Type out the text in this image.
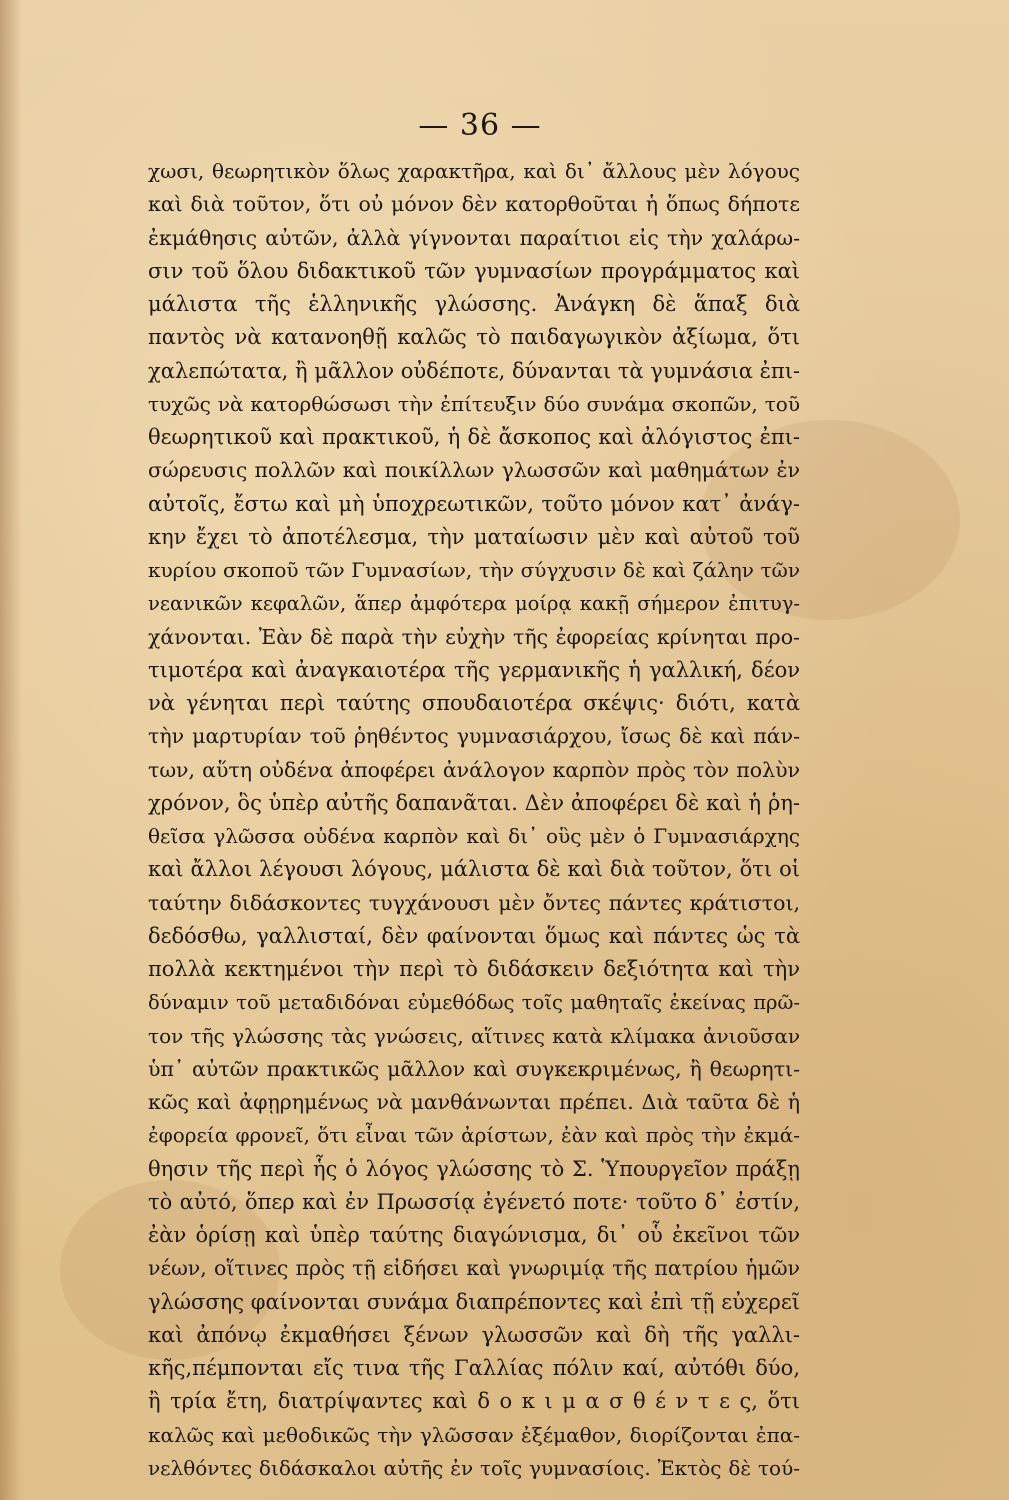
— 36 —
χωσι, θεωρητικὸν ὅλως χαρακτῆρα, καὶ δι᾽ ἄλλους μὲν λόγους
καὶ διὰ τοῦτον, ὅτι οὐ μόνον δὲν κατορθοῦται ἡ ὅπως δήποτε
ἐκμάθησις αὐτῶν, ἀλλὰ γίγνονται παραίτιοι εἰς τὴν χαλάρω-
σιν τοῦ ὅλου διδακτικοῦ τῶν γυμνασίων προγράμματος καὶ
μάλιστα τῆς ἑλληνικῆς γλώσσης. Ἀνάγκη δὲ ἅπαξ διὰ
παντὸς νὰ κατανοηθῇ καλῶς τὸ παιδαγωγικὸν ἀξίωμα, ὅτι
χαλεπώτατα, ἢ μᾶλλον οὐδέποτε, δύνανται τὰ γυμνάσια ἐπι-
τυχῶς νὰ κατορθώσωσι τὴν ἐπίτευξιν δύο συνάμα σκοπῶν, τοῦ
θεωρητικοῦ καὶ πρακτικοῦ, ἡ δὲ ἄσκοπος καὶ ἀλόγιστος ἐπι-
σώρευσις πολλῶν καὶ ποικίλλων γλωσσῶν καὶ μαθημάτων ἐν
αὐτοῖς, ἔστω καὶ μὴ ὑποχρεωτικῶν, τοῦτο μόνον κατ᾽ ἀνάγ-
κην ἔχει τὸ ἀποτέλεσμα, τὴν ματαίωσιν μὲν καὶ αὐτοῦ τοῦ
κυρίου σκοποῦ τῶν Γυμνασίων, τὴν σύγχυσιν δὲ καὶ ζάλην τῶν
νεανικῶν κεφαλῶν, ἅπερ ἀμφότερα μοίρᾳ κακῇ σήμερον ἐπιτυγ-
χάνονται. Ἐὰν δὲ παρὰ τὴν εὐχὴν τῆς ἐφορείας κρίνηται προ-
τιμοτέρα καὶ ἀναγκαιοτέρα τῆς γερμανικῆς ἡ γαλλική, δέον
νὰ γένηται περὶ ταύτης σπουδαιοτέρα σκέψις· διότι, κατὰ
τὴν μαρτυρίαν τοῦ ῥηθέντος γυμνασιάρχου, ἴσως δὲ καὶ πάν-
των, αὕτη οὐδένα ἀποφέρει ἀνάλογον καρπὸν πρὸς τὸν πολὺν
χρόνον, ὃς ὑπὲρ αὐτῆς δαπανᾶται. Δὲν ἀποφέρει δὲ καὶ ἡ ῥη-
θεῖσα γλῶσσα οὐδένα καρπὸν καὶ δι᾽ οὓς μὲν ὁ Γυμνασιάρχης
καὶ ἄλλοι λέγουσι λόγους, μάλιστα δὲ καὶ διὰ τοῦτον, ὅτι οἱ
ταύτην διδάσκοντες τυγχάνουσι μὲν ὄντες πάντες κράτιστοι,
δεδόσθω, γαλλισταί, δὲν φαίνονται ὅμως καὶ πάντες ὡς τὰ
πολλὰ κεκτημένοι τὴν περὶ τὸ διδάσκειν δεξιότητα καὶ τὴν
δύναμιν τοῦ μεταδιδόναι εὐμεθόδως τοῖς μαθηταῖς ἐκείνας πρῶ-
τον τῆς γλώσσης τὰς γνώσεις, αἵτινες κατὰ κλίμακα ἀνιοῦσαν
ὑπ᾽ αὐτῶν πρακτικῶς μᾶλλον καὶ συγκεκριμένως, ἢ θεωρητι-
κῶς καὶ ἀφῃρημένως νὰ μανθάνωνται πρέπει. Διὰ ταῦτα δὲ ἡ
ἐφορεία φρονεῖ, ὅτι εἶναι τῶν ἀρίστων, ἐὰν καὶ πρὸς τὴν ἐκμά-
θησιν τῆς περὶ ἧς ὁ λόγος γλώσσης τὸ Σ. Ὑπουργεῖον πράξῃ
τὸ αὐτό, ὅπερ καὶ ἐν Πρωσσίᾳ ἐγένετό ποτε· τοῦτο δ᾽ ἐστίν,
ἐὰν ὁρίσῃ καὶ ὑπὲρ ταύτης διαγώνισμα, δι᾽ οὗ ἐκεῖνοι τῶν
νέων, οἵτινες πρὸς τῇ εἰδήσει καὶ γνωριμίᾳ τῆς πατρίου ἡμῶν
γλώσσης φαίνονται συνάμα διαπρέποντες καὶ ἐπὶ τῇ εὐχερεῖ
καὶ ἀπόνῳ ἐκμαθήσει ξένων γλωσσῶν καὶ δὴ τῆς γαλλι-
κῆς,πέμπονται εἴς τινα τῆς Γαλλίας πόλιν καί, αὐτόθι δύο,
ἢ τρία ἔτη, διατρίψαντες καὶ δ ο κ ι μ α σ θ έ ν τ ε ς, ὅτι
καλῶς καὶ μεθοδικῶς τὴν γλῶσσαν ἐξέμαθον, διορίζονται ἐπα-
νελθόντες διδάσκαλοι αὐτῆς ἐν τοῖς γυμνασίοις. Ἐκτὸς δὲ τού-
